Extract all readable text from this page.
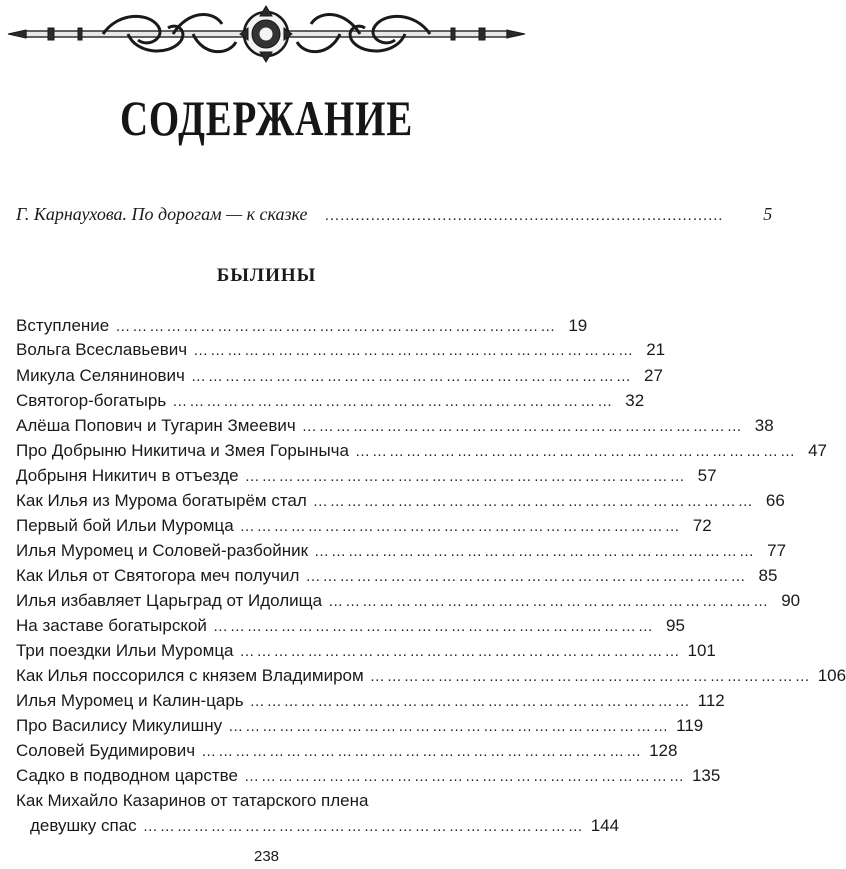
СОДЕРЖАНИЕ
Г. Карнаухова. По дорогам — к сказке ……………………………………………………………………	5
БЫЛИНЫ
Вступление …………………………………………………………………… 19
Вольга Всеславьевич …………………………………………………………………… 21
Микула Селянинович …………………………………………………………………… 27
Святогор-богатырь …………………………………………………………………… 32
Алёша Попович и Тугарин Змеевич …………………………………………………………………… 38
Про Добрыню Никитича и Змея Горыныча …………………………………………………………………… 47
Добрыня Никитич в отъезде …………………………………………………………………… 57
Как Илья из Мурома богатырём стал …………………………………………………………………… 66
Первый бой Ильи Муромца …………………………………………………………………… 72
Илья Муромец и Соловей-разбойник …………………………………………………………………… 77
Как Илья от Святогора меч получил …………………………………………………………………… 85
Илья избавляет Царьград от Идолища …………………………………………………………………… 90
На заставе богатырской …………………………………………………………………… 95
Три поездки Ильи Муромца …………………………………………………………………… 101
Как Илья поссорился с князем Владимиром …………………………………………………………………… 106
Илья Муромец и Калин-царь …………………………………………………………………… 112
Про Василису Микулишну …………………………………………………………………… 119
Соловей Будимирович …………………………………………………………………… 128
Садко в подводном царстве …………………………………………………………………… 135
Как Михайло Казаринов от татарского плена
девушку спас …………………………………………………………………… 144
238
